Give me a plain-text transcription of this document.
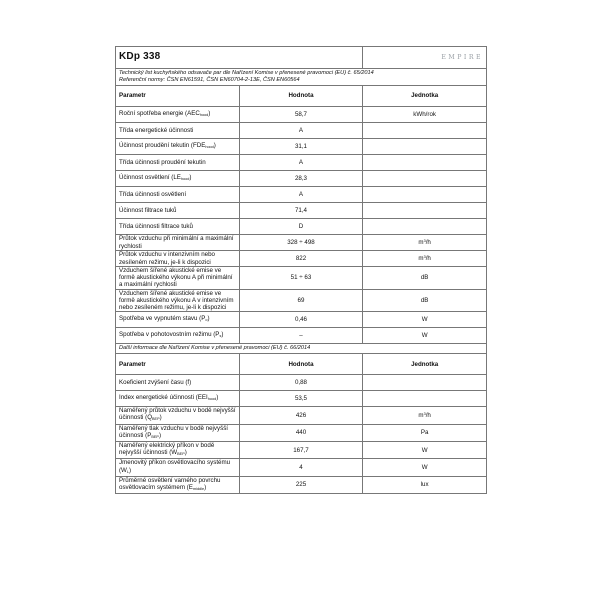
KDp 338		EMPIRE

Technický list kuchyňského odsavače par dle Nařízení Komise v přenesené pravomoci (EU) č. 65/2014
Referenční normy: ČSN EN61591, ČSN EN60704-2-13E, ČSN EN60564		

Parametr	Hodnota	Jednotka
Roční spotřeba energie $(AEC_{hood})$	58,7	kWh/rok
Třída energetické účinnosti	A	
Účinnost proudění tekutin $(FDE_{hood})$	31,1	
Třída účinnosti proudění tekutin	A	
Účinnost osvětlení $(LE_{hood})$	28,3	
Třída účinnosti osvětlení	A	
Účinnost filtrace tuků	71,4	
Třída účinnosti filtrace tuků	D	
Průtok vzduchu při minimální a maximální rychlosti	328 ÷ 498	$m^3/h$
Průtok vzduchu v intenzivním nebo zesíleném režimu, je-li k dispozici	822	$m^3/h$
Vzduchem šířené akustické emise ve formě akustického výkonu A při minimální a maximální rychlosti	51 ÷ 63	dB
Vzduchem šířené akustické emise ve formě akustického výkonu A v intenzivním nebo zesíleném režimu, je-li k dispozici	69	dB
Spotřeba ve vypnutém stavu $(P_o)$	0,46	W
Spotřeba v pohotovostním režimu $(P_s)$	–	W
Další informace dle Nařízení Komise v přenesené pravomoci (EU) č. 66/2014		
Parametr	Hodnota	Jednotka
Koeficient zvýšení času (f)	0,88	
Index energetické účinnosti $(EEI_{hood})$	53,5	
Naměřený průtok vzduchu v bodě nejvyšší účinnosti $(Q_{BEP})$	426	$m^3/h$
Naměřený tlak vzduchu v bodě nejvyšší účinnosti $(P_{BEP})$	440	Pa
Naměřený elektrický příkon v bodě nejvyšší účinnosti $(W_{BEP})$	167,7	W
Jmenovitý příkon osvětlovacího systému $(W_L)$	4	W
Průměrné osvětlení varného povrchu osvětlovacím systémem $(E_{middle})$	225	lux
